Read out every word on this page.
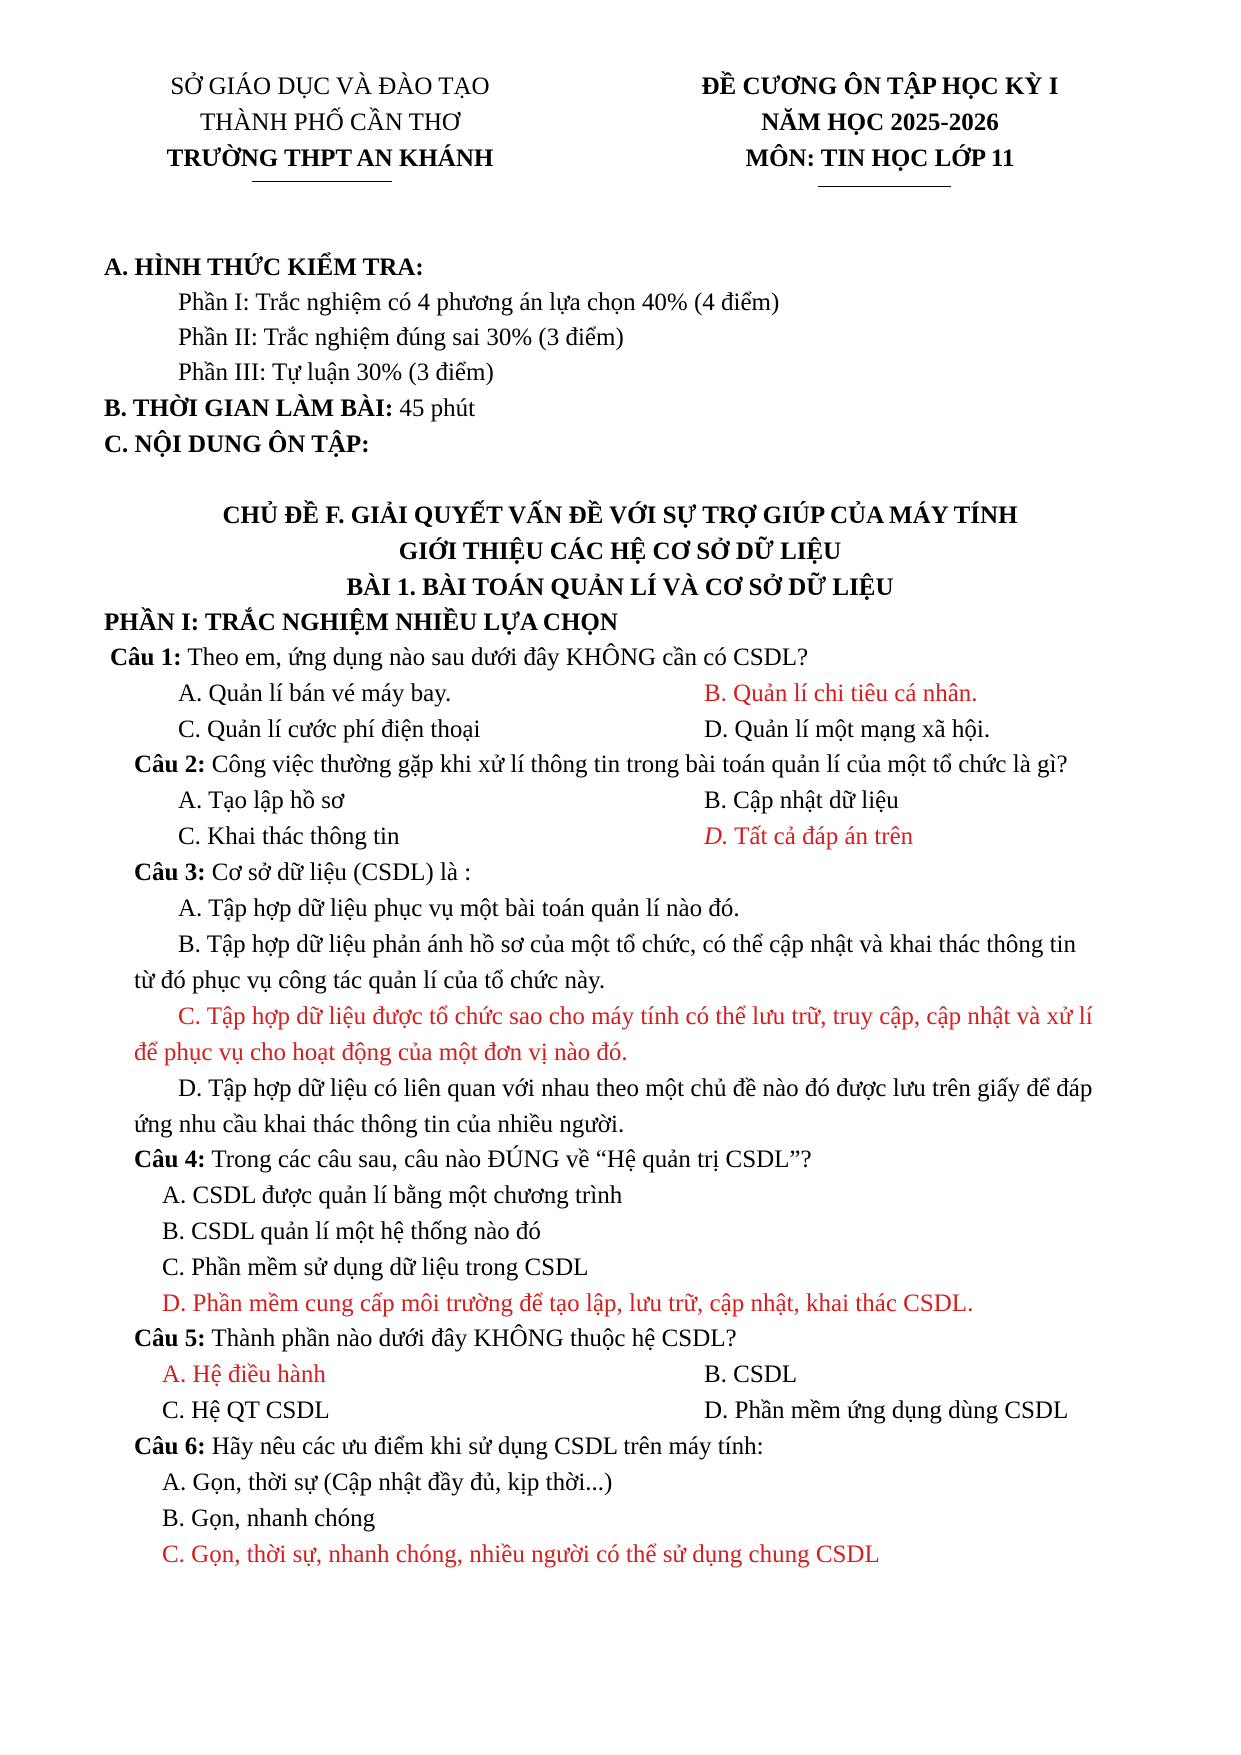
SỞ GIÁO DỤC VÀ ĐÀO TẠO
THÀNH PHỐ CẦN THƠ
TRƯỜNG THPT AN KHÁNH
ĐỀ CƯƠNG ÔN TẬP HỌC KỲ I
NĂM HỌC 2025-2026
MÔN: TIN HỌC LỚP 11
A. HÌNH THỨC KIỂM TRA:
Phần I: Trắc nghiệm có 4 phương án lựa chọn 40% (4 điểm)
Phần II: Trắc nghiệm đúng sai 30% (3 điểm)
Phần III: Tự luận 30% (3 điểm)
B. THỜI GIAN LÀM BÀI: 45 phút
C. NỘI DUNG ÔN TẬP:
CHỦ ĐỀ F. GIẢI QUYẾT VẤN ĐỀ VỚI SỰ TRỢ GIÚP CỦA MÁY TÍNH
GIỚI THIỆU CÁC HỆ CƠ SỞ DỮ LIỆU
BÀI 1. BÀI TOÁN QUẢN LÍ VÀ CƠ SỞ DỮ LIỆU
PHẦN I: TRẮC NGHIỆM NHIỀU LỰA CHỌN
Câu 1: Theo em, ứng dụng nào sau dưới đây KHÔNG cần có CSDL?
A. Quản lí bán vé máy bay.	B. Quản lí chi tiêu cá nhân.
C. Quản lí cước phí điện thoại	D. Quản lí một mạng xã hội.
Câu 2: Công việc thường gặp khi xử lí thông tin trong bài toán quản lí của một tổ chức là gì?
A. Tạo lập hồ sơ	B. Cập nhật dữ liệu
C. Khai thác thông tin	D. Tất cả đáp án trên
Câu 3: Cơ sở dữ liệu (CSDL) là :
A. Tập hợp dữ liệu phục vụ một bài toán quản lí nào đó.
B. Tập hợp dữ liệu phản ánh hồ sơ của một tổ chức, có thể cập nhật và khai thác thông tin
từ đó phục vụ công tác quản lí của tổ chức này.
C. Tập hợp dữ liệu được tổ chức sao cho máy tính có thể lưu trữ, truy cập, cập nhật và xử lí
để phục vụ cho hoạt động của một đơn vị nào đó.
D. Tập hợp dữ liệu có liên quan với nhau theo một chủ đề nào đó được lưu trên giấy để đáp
ứng nhu cầu khai thác thông tin của nhiều người.
Câu 4: Trong các câu sau, câu nào ĐÚNG về “Hệ quản trị CSDL”?
A. CSDL được quản lí bằng một chương trình
B. CSDL quản lí một hệ thống nào đó
C. Phần mềm sử dụng dữ liệu trong CSDL
D. Phần mềm cung cấp môi trường để tạo lập, lưu trữ, cập nhật, khai thác CSDL.
Câu 5: Thành phần nào dưới đây KHÔNG thuộc hệ CSDL?
A. Hệ điều hành	B. CSDL
C. Hệ QT CSDL	D. Phần mềm ứng dụng dùng CSDL
Câu 6: Hãy nêu các ưu điểm khi sử dụng CSDL trên máy tính:
A. Gọn, thời sự (Cập nhật đầy đủ, kịp thời...)
B. Gọn, nhanh chóng
C. Gọn, thời sự, nhanh chóng, nhiều người có thể sử dụng chung CSDL
